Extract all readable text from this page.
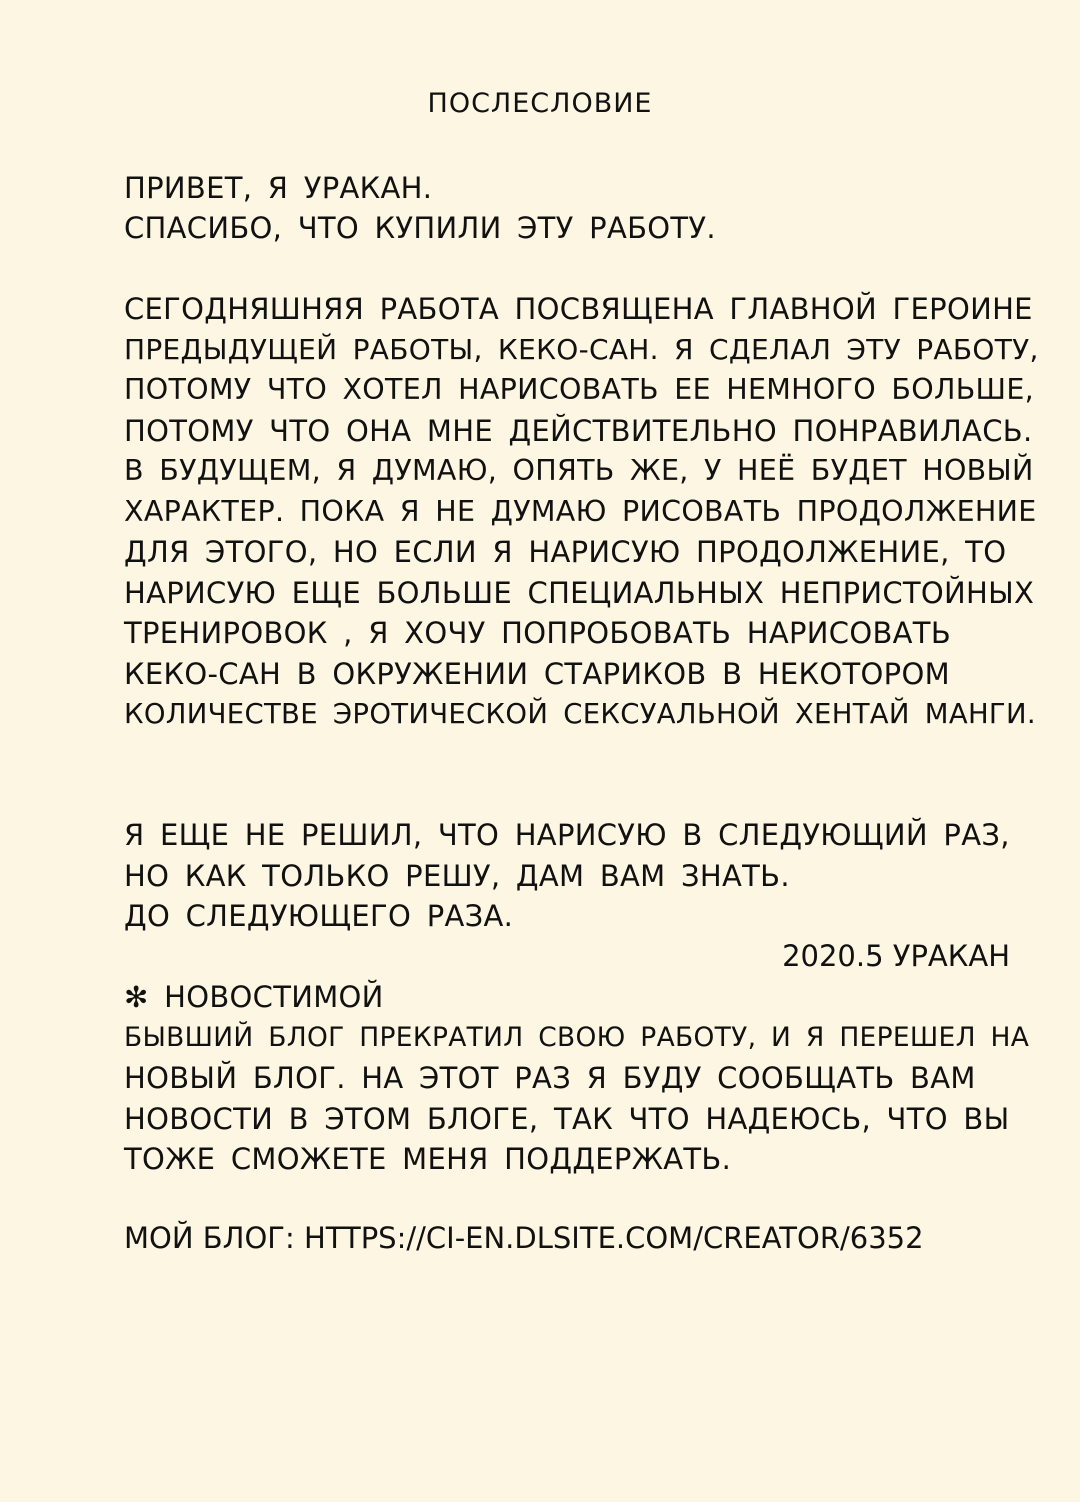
ПОСЛЕСЛОВИЕ
ПРИВЕТ, Я УРАКАН.
СПАСИБО, ЧТО КУПИЛИ ЭТУ РАБОТУ.
СЕГОДНЯШНЯЯ РАБОТА ПОСВЯЩЕНА ГЛАВНОЙ ГЕРОИНЕ
ПРЕДЫДУЩЕЙ РАБОТЫ, КЕКО-САН. Я СДЕЛАЛ ЭТУ РАБОТУ,
ПОТОМУ ЧТО ХОТЕЛ НАРИСОВАТЬ ЕЕ НЕМНОГО БОЛЬШЕ,
ПОТОМУ ЧТО ОНА МНЕ ДЕЙСТВИТЕЛЬНО ПОНРАВИЛАСЬ.
В БУДУЩЕМ, Я ДУМАЮ, ОПЯТЬ ЖЕ, У НЕЁ БУДЕТ НОВЫЙ
ХАРАКТЕР. ПОКА Я НЕ ДУМАЮ РИСОВАТЬ ПРОДОЛЖЕНИЕ
ДЛЯ ЭТОГО, НО ЕСЛИ Я НАРИСУЮ ПРОДОЛЖЕНИЕ, ТО
НАРИСУЮ ЕЩЕ БОЛЬШЕ СПЕЦИАЛЬНЫХ НЕПРИСТОЙНЫХ
ТРЕНИРОВОК , Я ХОЧУ ПОПРОБОВАТЬ НАРИСОВАТЬ
КЕКО-САН В ОКРУЖЕНИИ СТАРИКОВ В НЕКОТОРОМ
КОЛИЧЕСТВЕ ЭРОТИЧЕСКОЙ СЕКСУАЛЬНОЙ ХЕНТАЙ МАНГИ.
Я ЕЩЕ НЕ РЕШИЛ, ЧТО НАРИСУЮ В СЛЕДУЮЩИЙ РАЗ,
НО КАК ТОЛЬКО РЕШУ, ДАМ ВАМ ЗНАТЬ.
ДО СЛЕДУЮЩЕГО РАЗА.
2020.5 УРАКАН
✻ НОВОСТИМОЙ
БЫВШИЙ БЛОГ ПРЕКРАТИЛ СВОЮ РАБОТУ, И Я ПЕРЕШЕЛ НА
НОВЫЙ БЛОГ. НА ЭТОТ РАЗ Я БУДУ СООБЩАТЬ ВАМ
НОВОСТИ В ЭТОМ БЛОГЕ, ТАК ЧТО НАДЕЮСЬ, ЧТО ВЫ
ТОЖЕ СМОЖЕТЕ МЕНЯ ПОДДЕРЖАТЬ.
МОЙ БЛОГ: HTTPS://CI-EN.DLSITE.COM/CREATOR/6352
